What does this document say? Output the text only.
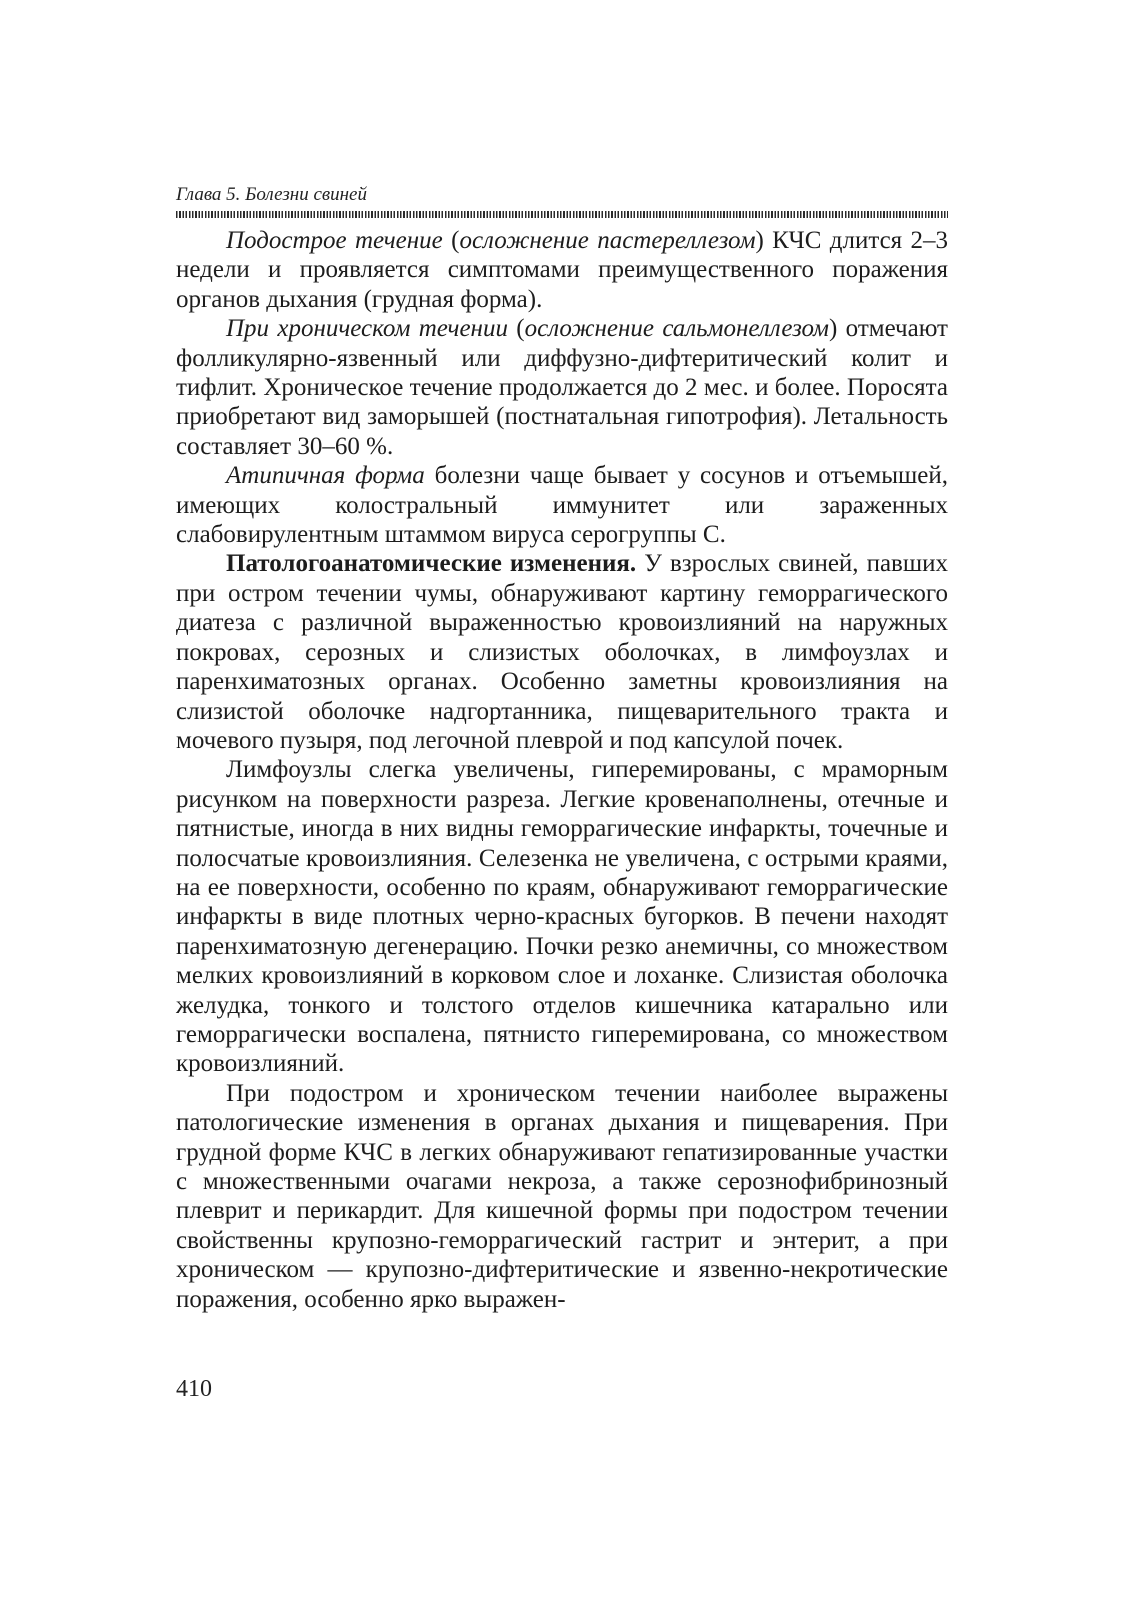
Глава 5. Болезни свиней

Подострое течение (осложнение пастереллезом) КЧС длится 2–3 недели и проявляется симптомами преимущественного поражения органов дыхания (грудная форма).

При хроническом течении (осложнение сальмонеллезом) отмечают фолликулярно-язвенный или диффузно-дифтеритический колит и тифлит. Хроническое течение продолжается до 2 мес. и более. Поросята приобретают вид заморышей (постнатальная гипотрофия). Летальность составляет 30–60 %.

Атипичная форма болезни чаще бывает у сосунов и отъемышей, имеющих колостральный иммунитет или зараженных слабовирулентным штаммом вируса серогруппы С.

Патологоанатомические изменения. У взрослых свиней, павших при остром течении чумы, обнаруживают картину геморрагического диатеза с различной выраженностью кровоизлияний на наружных покровах, серозных и слизистых оболочках, в лимфоузлах и паренхиматозных органах. Особенно заметны кровоизлияния на слизистой оболочке надгортанника, пищеварительного тракта и мочевого пузыря, под легочной плеврой и под капсулой почек.

Лимфоузлы слегка увеличены, гиперемированы, с мраморным рисунком на поверхности разреза. Легкие кровенаполнены, отечные и пятнистые, иногда в них видны геморрагические инфаркты, точечные и полосчатые кровоизлияния. Селезенка не увеличена, с острыми краями, на ее поверхности, особенно по краям, обнаруживают геморрагические инфаркты в виде плотных черно-красных бугорков. В печени находят паренхиматозную дегенерацию. Почки резко анемичны, со множеством мелких кровоизлияний в корковом слое и лоханке. Слизистая оболочка желудка, тонкого и толстого отделов кишечника катарально или геморрагически воспалена, пятнисто гиперемирована, со множеством кровоизлияний.

При подостром и хроническом течении наиболее выражены патологические изменения в органах дыхания и пищеварения. При грудной форме КЧС в легких обнаруживают гепатизированные участки с множественными очагами некроза, а также серознофибринозный плеврит и перикардит. Для кишечной формы при подостром течении свойственны крупозно-геморрагический гастрит и энтерит, а при хроническом — крупозно-дифтеритические и язвенно-некротические поражения, особенно ярко выражен-

410
